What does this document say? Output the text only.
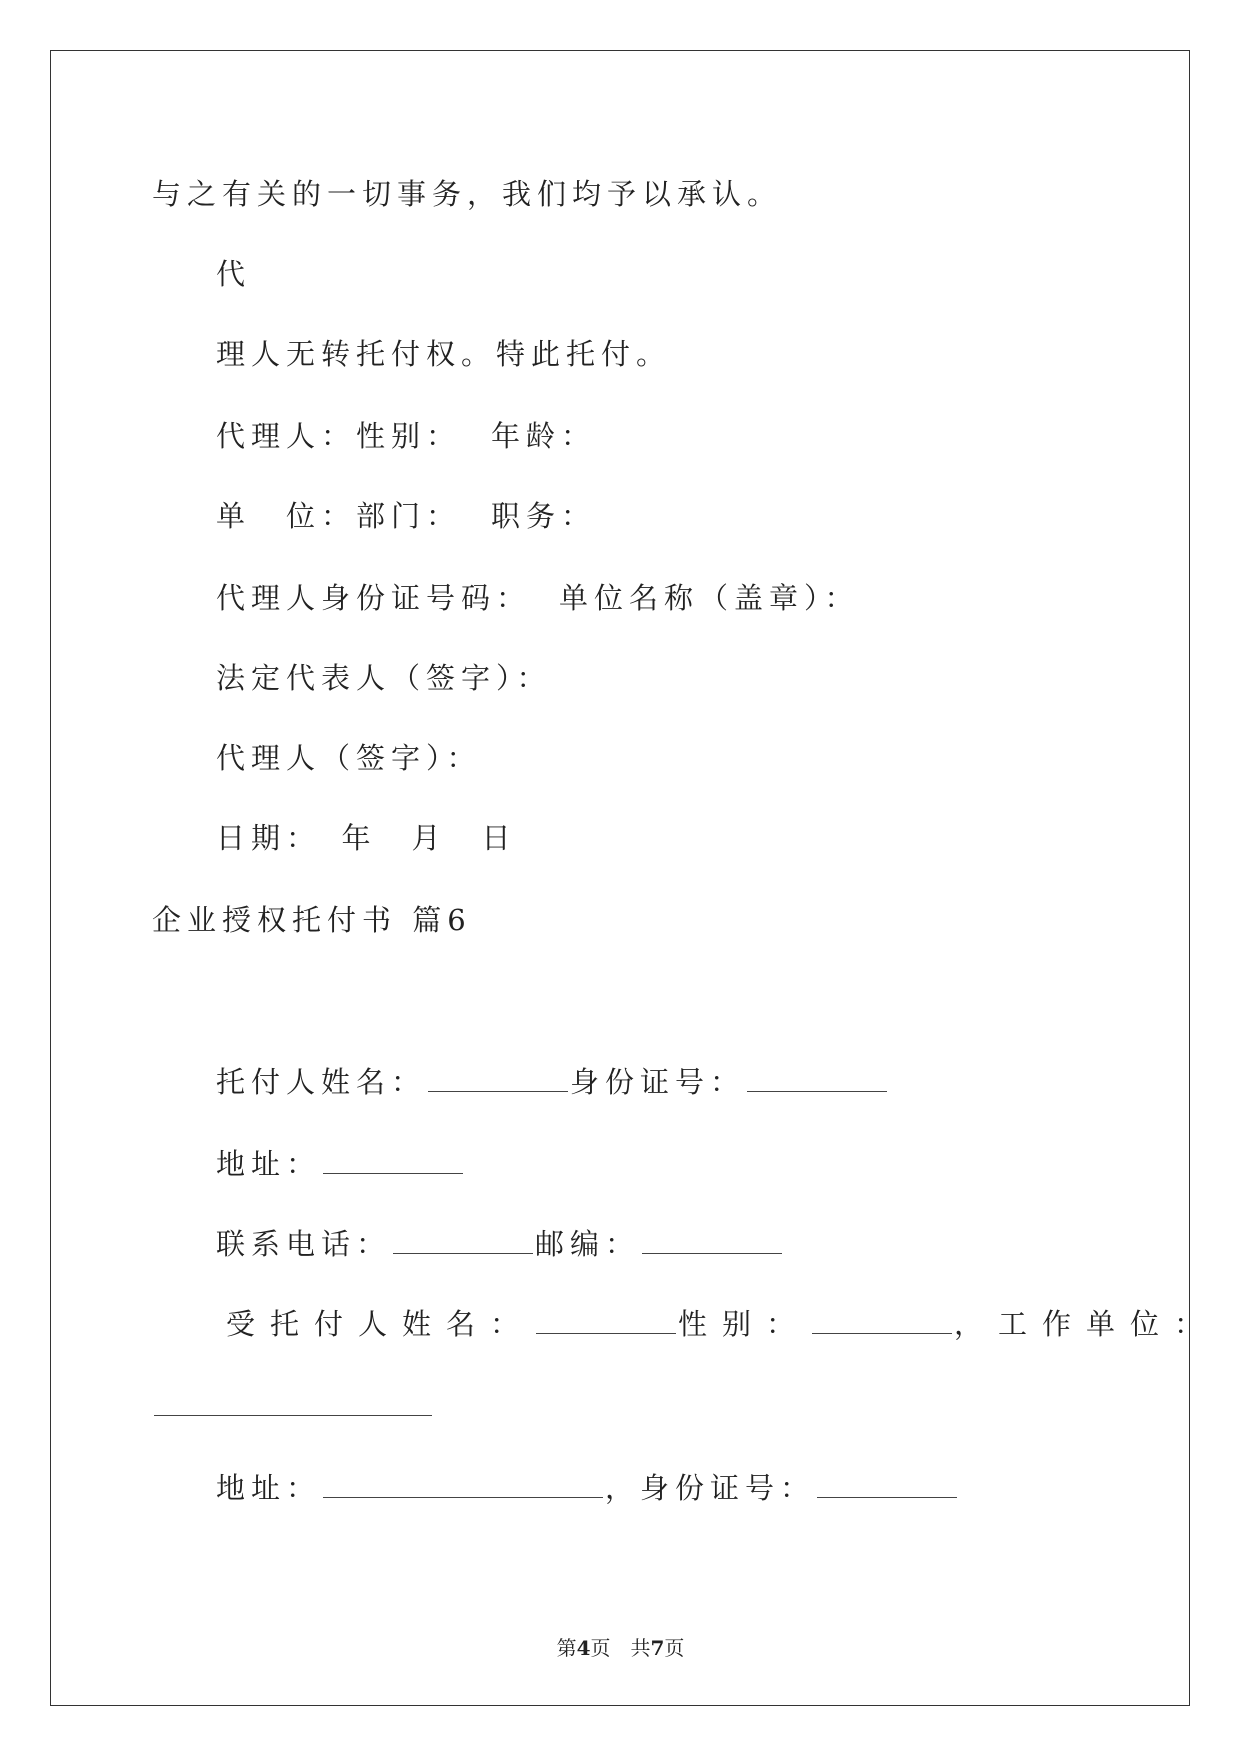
与之有关的一切事务，我们均予以承认。
代
理人无转托付权。特此托付。
代理人：性别： 年龄：
单　位：部门： 职务：
代理人身份证号码： 单位名称（盖章）：
法定代表人（签字）：
代理人（签字）：
日期：　年　月　日
企业授权托付书 篇6
托付人姓名：	身份证号：
地址：
联系电话：	邮编：
受托付人姓名：	性别：	，工作单位：
地址：	，身份证号：
第4页　共7页
